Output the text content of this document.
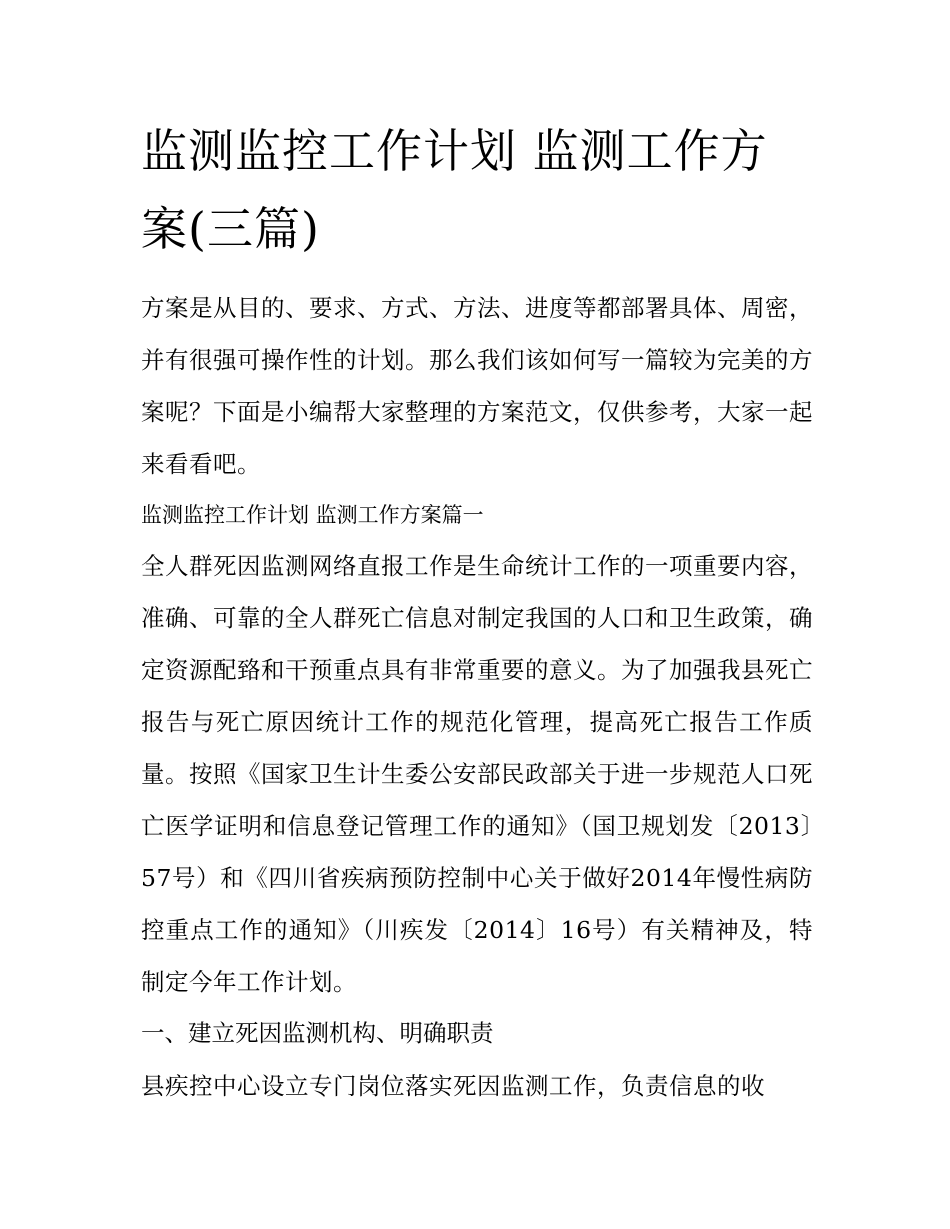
监测监控工作计划 监测工作方案(三篇)

方案是从目的、要求、方式、方法、进度等都部署具体、周密，并有很强可操作性的计划。那么我们该如何写一篇较为完美的方案呢？下面是小编帮大家整理的方案范文，仅供参考，大家一起来看看吧。

监测监控工作计划 监测工作方案篇一

全人群死因监测网络直报工作是生命统计工作的一项重要内容，准确、可靠的全人群死亡信息对制定我国的人口和卫生政策，确定资源配臵和干预重点具有非常重要的意义。为了加强我县死亡报告与死亡原因统计工作的规范化管理，提高死亡报告工作质量。按照《国家卫生计生委公安部民政部关于进一步规范人口死亡医学证明和信息登记管理工作的通知》（国卫规划发〔2013〕57号）和《四川省疾病预防控制中心关于做好2014年慢性病防控重点工作的通知》（川疾发〔2014〕16号）有关精神及，特制定今年工作计划。

一、建立死因监测机构、明确职责

县疾控中心设立专门岗位落实死因监测工作，负责信息的收
